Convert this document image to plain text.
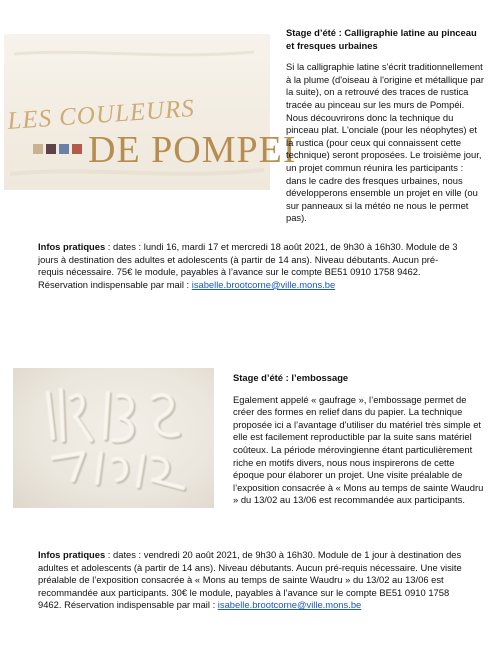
LES COULEURS
DE POMPEI
Stage d’été : Calligraphie latine au pinceau et fresques urbaines

Si la calligraphie latine s'écrit traditionnellement à la plume (d'oiseau à l'origine et métallique par la suite), on a retrouvé des traces de rustica tracée au pinceau sur les murs de Pompéi. Nous découvrirons donc la technique du pinceau plat. L'onciale (pour les néophytes) et la rustica (pour ceux qui connaissent cette technique) seront proposées. Le troisième jour, un projet commun réunira les participants : dans le cadre des fresques urbaines, nous développerons ensemble un projet en ville (ou sur panneaux si la météo ne nous le permet pas).

Infos pratiques : dates : lundi 16, mardi 17 et mercredi 18 août 2021, de 9h30 à 16h30. Module de 3 jours à destination des adultes et adolescents (à partir de 14 ans). Niveau débutants. Aucun pré-requis nécessaire. 75€ le module, payables à l’avance sur le compte BE51 0910 1758 9462.
Réservation indispensable par mail : isabelle.brootcorne@ville.mons.be

Stage d’été : l’embossage

Egalement appelé « gaufrage », l’embossage permet de créer des formes en relief dans du papier. La technique proposée ici a l’avantage d’utiliser du matériel très simple et elle est facilement reproductible par la suite sans matériel coûteux. La période mérovingienne étant particulièrement riche en motifs divers, nous nous inspirerons de cette époque pour élaborer un projet. Une visite préalable de l’exposition consacrée à « Mons au temps de sainte Waudru » du 13/02 au 13/06 est recommandée aux participants.

Infos pratiques : dates : vendredi 20 août 2021, de 9h30 à 16h30. Module de 1 jour à destination des adultes et adolescents (à partir de 14 ans). Niveau débutants. Aucun pré-requis nécessaire. Une visite préalable de l’exposition consacrée à « Mons au temps de sainte Waudru » du 13/02 au 13/06 est recommandée aux participants. 30€ le module, payables à l’avance sur le compte BE51 0910 1758 9462. Réservation indispensable par mail : isabelle.brootcorne@ville.mons.be
